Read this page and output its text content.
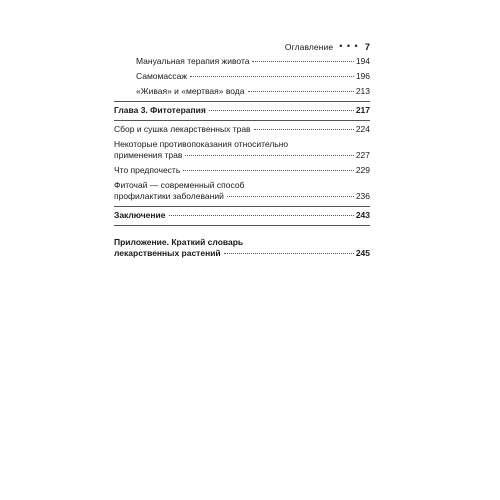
Оглавление • • • 7
Мануальная терапия живота	194
Самомассаж	196
«Живая» и «мертвая» вода	213
Глава 3. Фитотерапия	217
Сбор и сушка лекарственных трав	224
Некоторые противопоказания относительно
применения трав	227
Что предпочесть	229
Фиточай — современный способ
профилактики заболеваний	236
Заключение	243
Приложение. Краткий словарь
лекарственных растений	245
